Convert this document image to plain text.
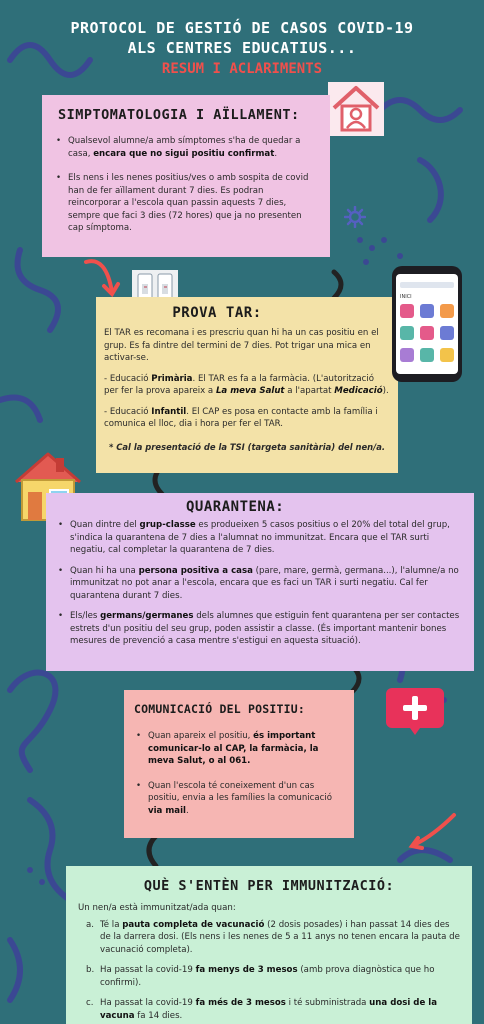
PROTOCOL DE GESTIÓ DE CASOS COVID-19
ALS CENTRES EDUCATIUS...
RESUM I ACLARIMENTS
SIMPTOMATOLOGIA I AÏLLAMENT:
• Qualsevol alumne/a amb símptomes s'ha de quedar a casa, encara que no sigui positiu confirmat.
• Els nens i les nenes positius/ves o amb sospita de covid han de fer aïllament durant 7 dies. Es podran reincorporar a l'escola quan passin aquests 7 dies, sempre que faci 3 dies (72 hores) que ja no presenten cap símptoma.
PROVA TAR:

El TAR es recomana i es prescriu quan hi ha un cas positiu en el grup. Es fa dintre del termini de 7 dies. Pot trigar una mica en activar-se.

- Educació Primària. El TAR es fa a la farmàcia. (L'autorització per fer la prova apareix a La meva Salut a l'apartat Medicació).

- Educació Infantil. El CAP es posa en contacte amb la família i comunica el lloc, dia i hora per fer el TAR.

* Cal la presentació de la TSI (targeta sanitària) del nen/a.

INICI
QUARANTENA:
• Quan dintre del grup-classe es produeixen 5 casos positius o el 20% del total del grup, s'indica la quarantena de 7 dies a l'alumnat no immunitzat. Encara que el TAR surti negatiu, cal completar la quarantena de 7 dies.
• Quan hi ha una persona positiva a casa (pare, mare, germà, germana...), l'alumne/a no immunitzat no pot anar a l'escola, encara que es faci un TAR i surti negatiu. Cal fer quarantena durant 7 dies.
• Els/les germans/germanes dels alumnes que estiguin fent quarantena per ser contactes estrets d'un positiu del seu grup, poden assistir a classe. (És important mantenir bones mesures de prevenció a casa mentre s'estigui en aquesta situació).
COMUNICACIÓ DEL POSITIU:
• Quan apareix el positiu, és important comunicar-lo al CAP, la farmàcia, la meva Salut, o al 061.
• Quan l'escola té coneixement d'un cas positiu, envia a les famílies la comunicació via mail.
QUÈ S'ENTÈN PER IMMUNITZACIÓ:
Un nen/a està immunitzat/ada quan:
a. Té la pauta completa de vacunació (2 dosis posades) i han passat 14 dies des de la darrera dosi. (Els nens i les nenes de 5 a 11 anys no tenen encara la pauta de vacunació completa).
b. Ha passat la covid-19 fa menys de 3 mesos (amb prova diagnòstica que ho confirmi).
c. Ha passat la covid-19 fa més de 3 mesos i té subministrada una dosi de la vacuna fa 14 dies.
